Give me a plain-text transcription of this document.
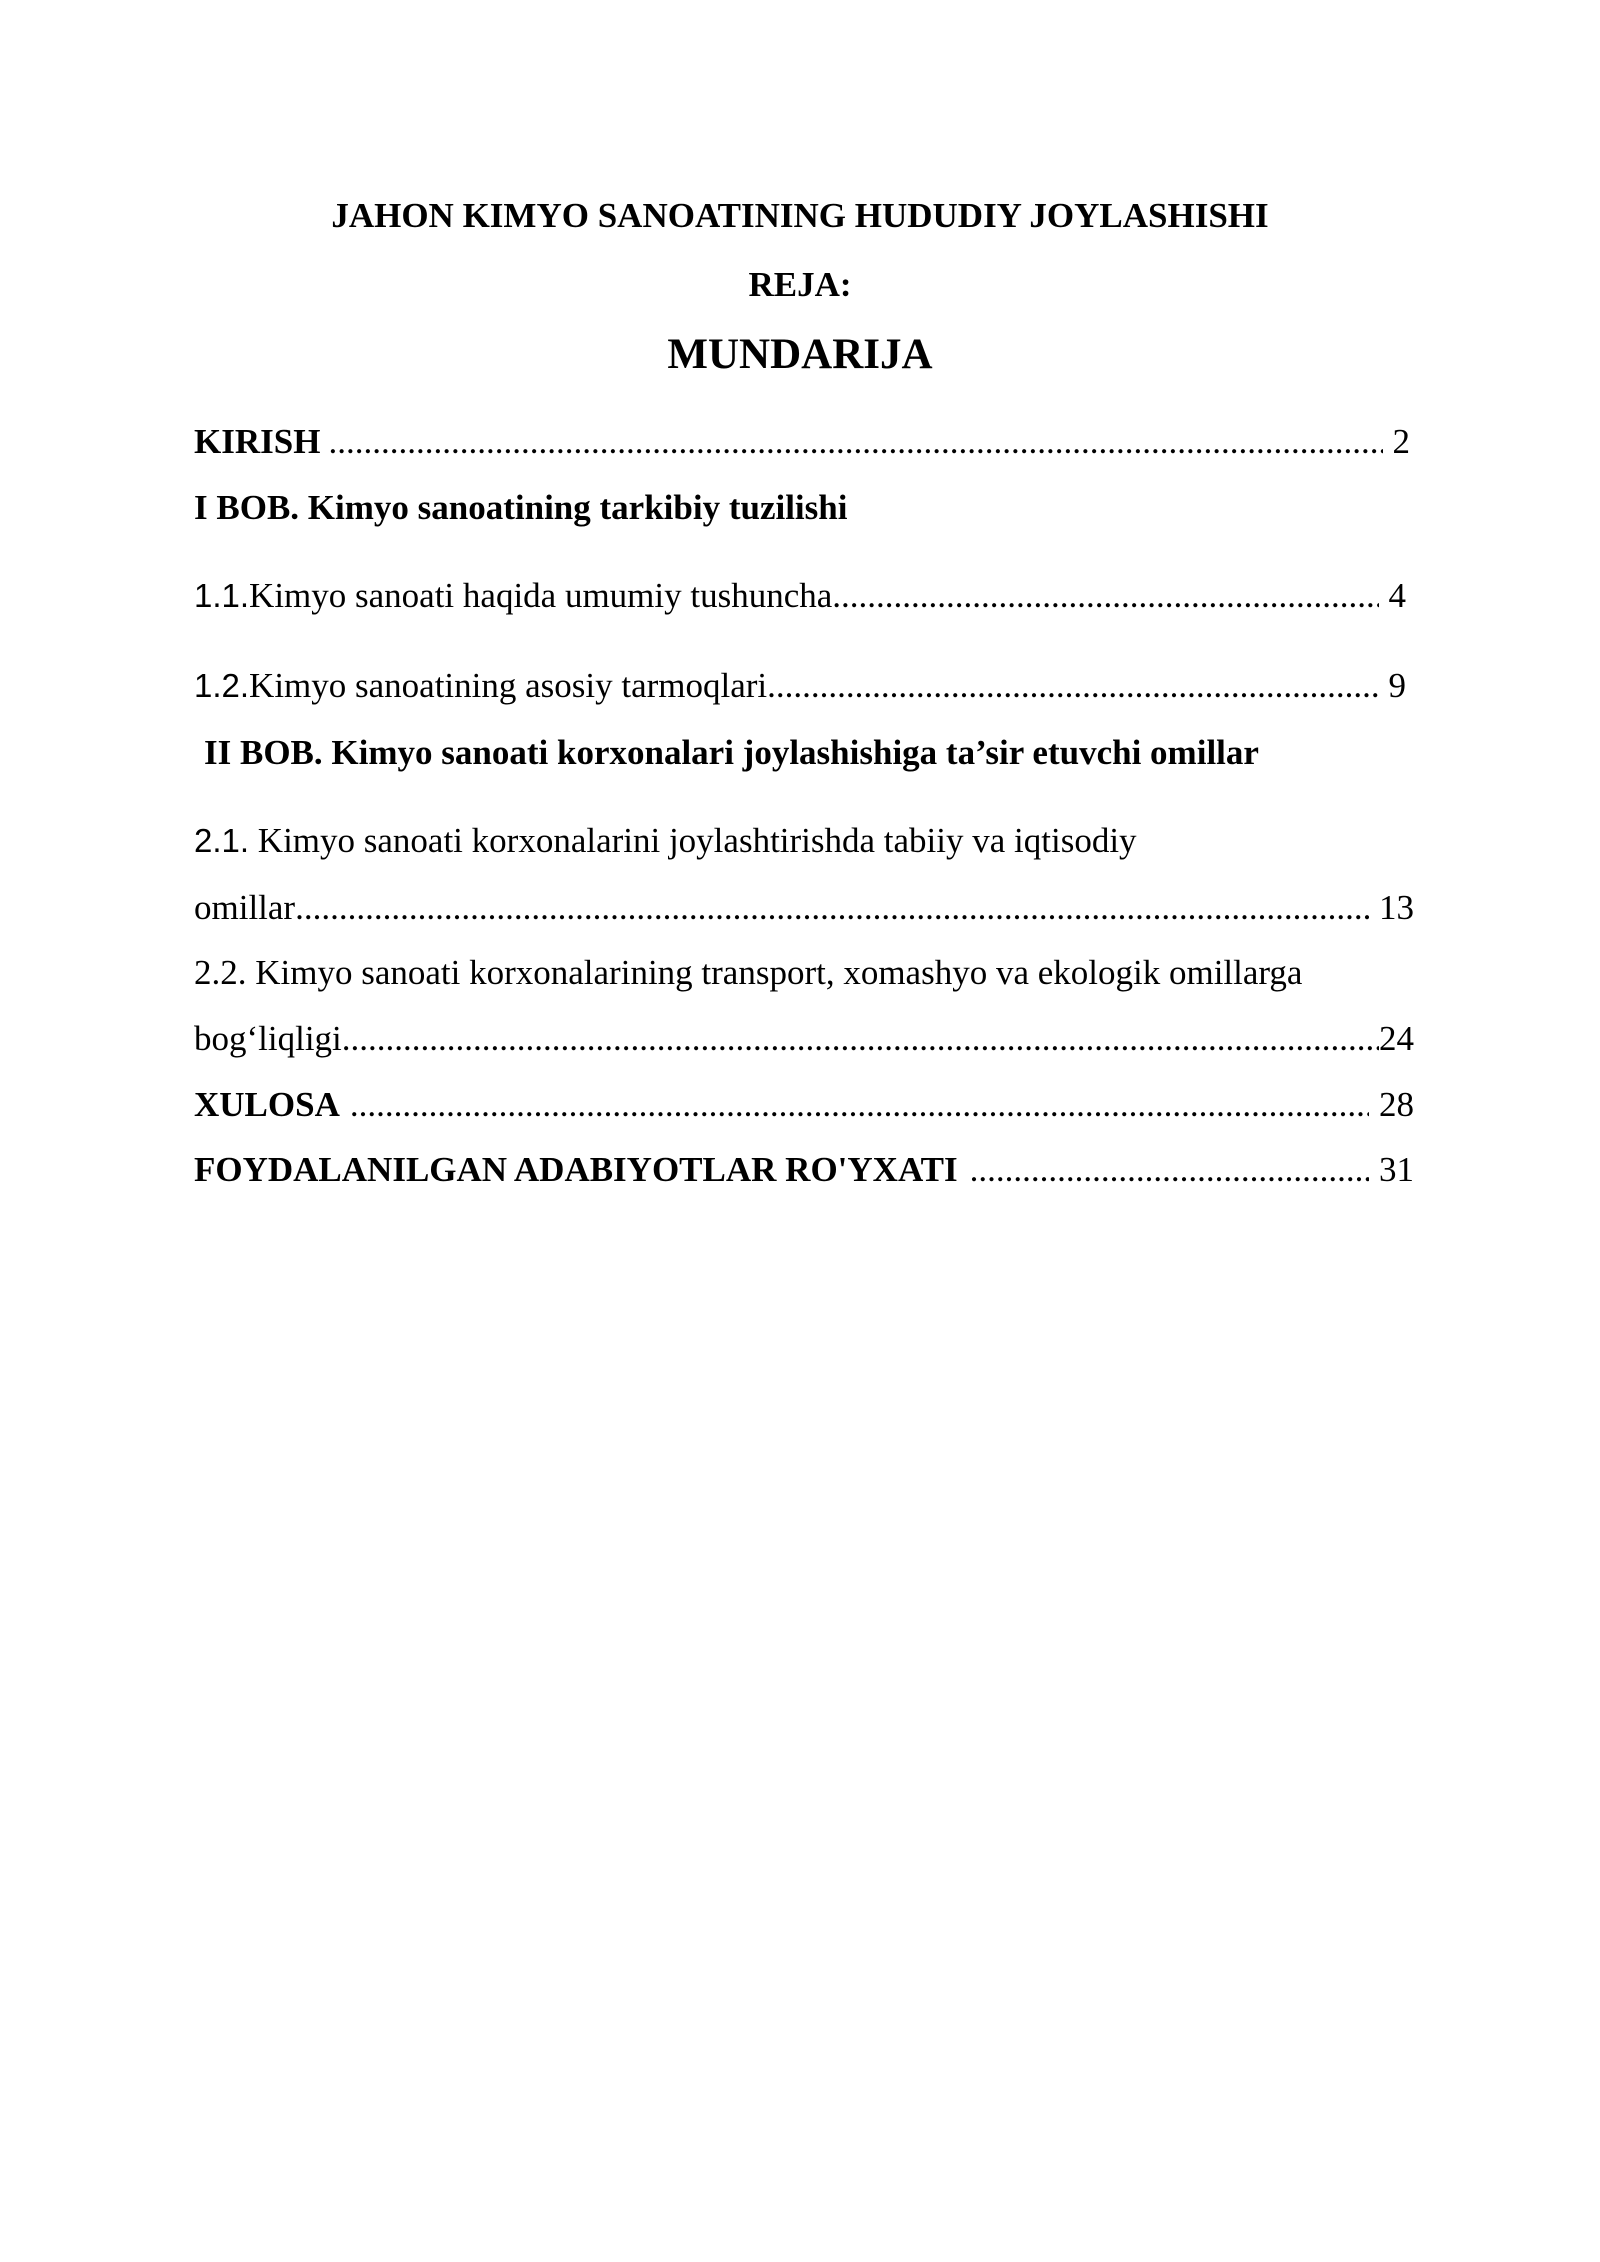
JAHON KIMYO SANOATINING HUDUDIY JOYLASHISHI
REJA:
MUNDARIJA
KIRISH .....	2
I BOB. Kimyo sanoatining tarkibiy tuzilishi
1.1. Kimyo sanoati haqida umumiy tushuncha .....	4
1.2. Kimyo sanoatining asosiy tarmoqlari .....	9
II BOB. Kimyo sanoati korxonalari joylashishiga ta’sir etuvchi omillar
2.1. Kimyo sanoati korxonalarini joylashtirishda tabiiy va iqtisodiy
omillar .....	13
2.2. Kimyo sanoati korxonalarining transport, xomashyo va ekologik omillarga
bog‘liqligi .....	24
XULOSA .....	28
FOYDALANILGAN ADABIYOTLAR RO'YXATI .....	31
